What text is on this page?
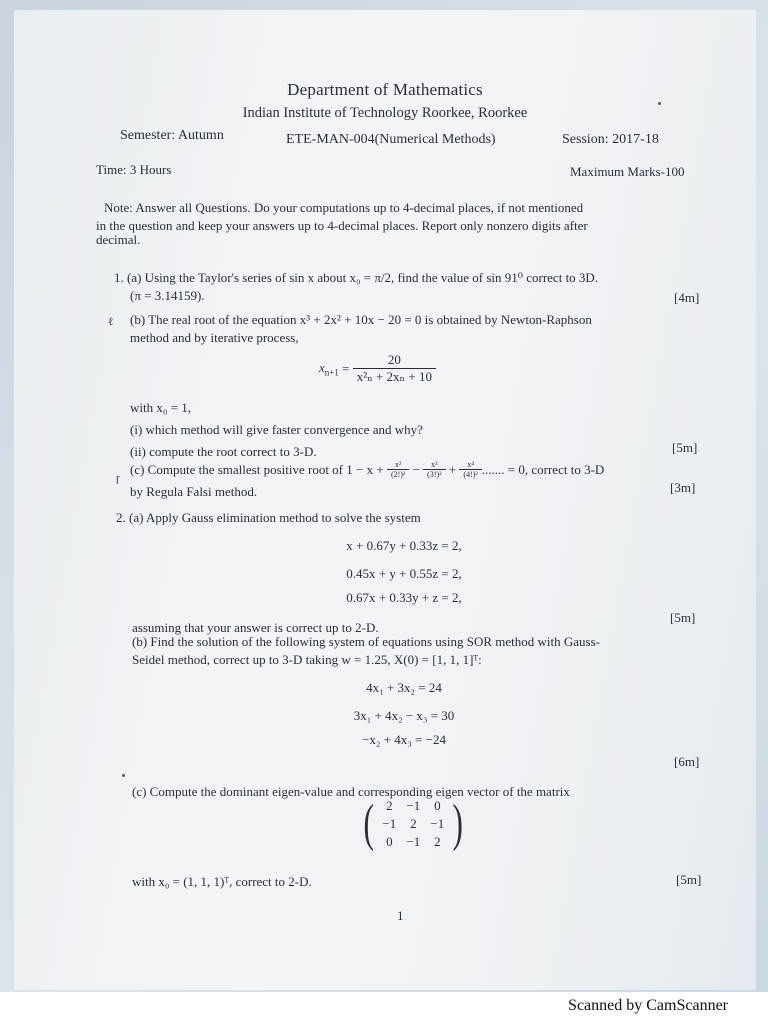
Department of Mathematics
Indian Institute of Technology Roorkee, Roorkee
Semester: Autumn	ETE-MAN-004(Numerical Methods)	Session: 2017-18
Time: 3 Hours	Maximum Marks-100
Note: Answer all Questions. Do your computations up to 4-decimal places, if not mentioned
in the question and keep your answers up to 4-decimal places. Report only nonzero digits after
decimal.
1. (a) Using the Taylor's series of sin x about x₀ = π/2, find the value of sin 91⁰ correct to 3D.
(π = 3.14159).	[4m]
ℓ (b) The real root of the equation x³ + 2x² + 10x − 20 = 0 is obtained by Newton-Raphson
method and by iterative process,
$x_{n+1} = \frac{20}{\text{x²ₙ + 2xₙ + 10}}$
with x₀ = 1,
(i) which method will give faster convergence and why?
(ii) compute the root correct to 3-D.	[5m]
ɼ
(c) Compute the smallest positive root of $1 - x + \frac{\text{x²}}{\text{(2!)²}} - \frac{\text{x³}}{\text{(3!)²}} + \frac{\text{x⁴}}{\text{(4!)²}}$ ....... = 0, correct to 3-D
by Regula Falsi method.	[3m]
2. (a) Apply Gauss elimination method to solve the system
x + 0.67y + 0.33z = 2,
0.45x + y + 0.55z = 2,
0.67x + 0.33y + z = 2,
assuming that your answer is correct up to 2-D.
[5m]
(b) Find the solution of the following system of equations using SOR method with Gauss-
Seidel method, correct up to 3-D taking w = 1.25, X(0) = [1, 1, 1]ᵀ:
4x₁ + 3x₂ = 24
3x₁ + 4x₂ − x₃ = 30
−x₂ + 4x₃ = −24
[6m]
(c) Compute the dominant eigen-value and corresponding eigen vector of the matrix
( 2	−1	0
−1	2	−1
0	−1	2 )
with x₀ = (1, 1, 1)ᵀ, correct to 2-D.	[5m]
1
Scanned by CamScanner
